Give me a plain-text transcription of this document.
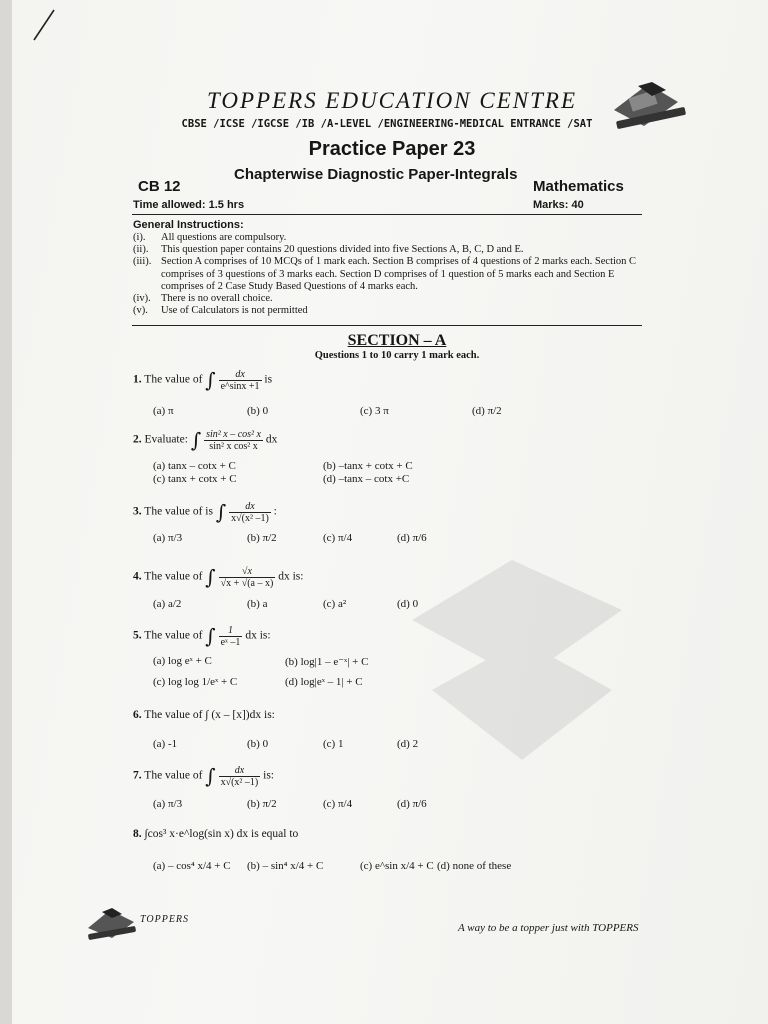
TOPPERS EDUCATION CENTRE
CBSE /ICSE /IGCSE /IB /A-LEVEL /ENGINEERING-MEDICAL ENTRANCE /SAT
Practice Paper 23
Chapterwise Diagnostic Paper-Integrals
CB 12	Mathematics
Time allowed: 1.5 hrs	Marks: 40
General Instructions:
(i).	All questions are compulsory.
(ii).	This question paper contains 20 questions divided into five Sections A, B, C, D and E.
(iii). Section A comprises of 10 MCQs of 1 mark each. Section B comprises of 4 questions of 2 marks each. Section C comprises of 3 questions of 3 marks each. Section D comprises of 1 question of 5 marks each and Section E comprises of 2 Case Study Based Questions of 4 marks each.
(iv). There is no overall choice.
(v).	Use of Calculators is not permitted
SECTION – A
Questions 1 to 10 carry 1 mark each.
1. The value of ∫ $\frac{dx}{e\^{}\sin x +1}$ is
(a) π	(b) 0	(c) 3 π	(d) π/2
2. Evaluate: ∫ $\frac{\text{sin² x – cos² x}}{\text{sin² x cos² x}}$ dx
(a) tanx – cotx + C	(b) –tanx + cotx + C
(c) tanx + cotx + C	(d) –tanx – cotx +C
3. The value of is ∫ $\frac{dx}{\text{x√(x² –1)}}$ :
(a) π/3	(b) π/2	(c) π/4	(d) π/6
4. The value of ∫ $\frac{√x}{√x + √(a - x)}$ dx is:
(a) a/2	(b) a	(c) a²	(d) 0
5. The value of ∫ $\frac{1}{\text{eˣ –1}}$ dx is:
(a) log eˣ + C	(b) log|1 – e⁻ˣ| + C
(c) log log 1/eˣ + C	(d) log|eˣ – 1| + C
6. The value of ∫ (x – [x])dx is:
(a) -1	(b) 0	(c) 1	(d) 2
7. The value of ∫ $\frac{dx}{\text{x√(x² –1)}}$ is:
(a) π/3	(b) π/2	(c) π/4	(d) π/6
8. ∫cos³ x·e^log(sin x) dx is equal to
(a) – cos⁴ x/4 + C (b) – sin⁴ x/4 + C	(c) e^sin x/4 + C (d) none of these
TOPPERS
A way to be a topper just with TOPPERS
